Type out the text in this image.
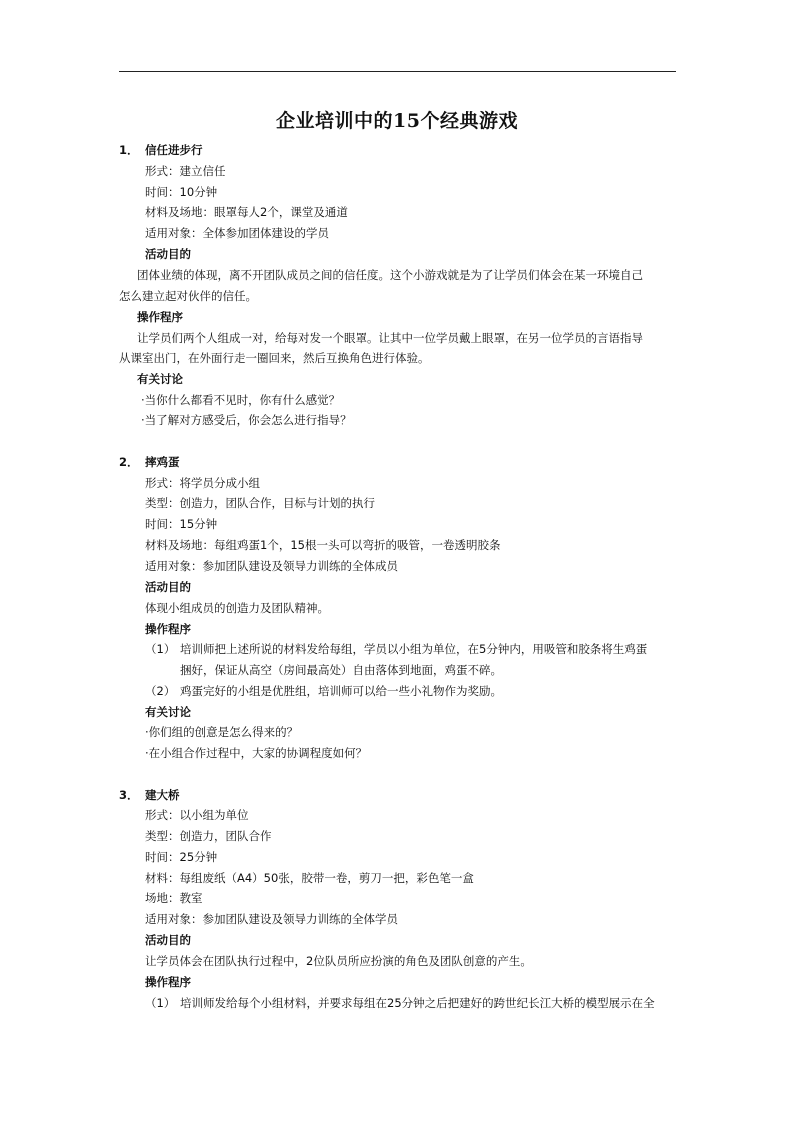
企业培训中的15个经典游戏
1． 信任进步行
形式：建立信任
时间：10分钟
材料及场地：眼罩每人2个，课堂及通道
适用对象：全体参加团体建设的学员
活动目的
团体业绩的体现，离不开团队成员之间的信任度。这个小游戏就是为了让学员们体会在某一环境自己
怎么建立起对伙伴的信任。
操作程序
让学员们两个人组成一对，给每对发一个眼罩。让其中一位学员戴上眼罩，在另一位学员的言语指导
从课室出门，在外面行走一圈回来，然后互换角色进行体验。
有关讨论
·当你什么都看不见时，你有什么感觉？
·当了解对方感受后，你会怎么进行指导？
2． 摔鸡蛋
形式：将学员分成小组
类型：创造力，团队合作，目标与计划的执行
时间：15分钟
材料及场地：每组鸡蛋1个，15根一头可以弯折的吸管，一卷透明胶条
适用对象：参加团队建设及领导力训练的全体成员
活动目的
体现小组成员的创造力及团队精神。
操作程序
（1） 培训师把上述所说的材料发给每组，学员以小组为单位，在5分钟内，用吸管和胶条将生鸡蛋
捆好，保证从高空（房间最高处）自由落体到地面，鸡蛋不碎。
（2） 鸡蛋完好的小组是优胜组，培训师可以给一些小礼物作为奖励。
有关讨论
·你们组的创意是怎么得来的？
·在小组合作过程中，大家的协调程度如何？
3． 建大桥
形式：以小组为单位
类型：创造力，团队合作
时间：25分钟
材料：每组废纸（A4）50张，胶带一卷，剪刀一把，彩色笔一盒
场地：教室
适用对象：参加团队建设及领导力训练的全体学员
活动目的
让学员体会在团队执行过程中，2位队员所应扮演的角色及团队创意的产生。
操作程序
（1） 培训师发给每个小组材料，并要求每组在25分钟之后把建好的跨世纪长江大桥的模型展示在全
